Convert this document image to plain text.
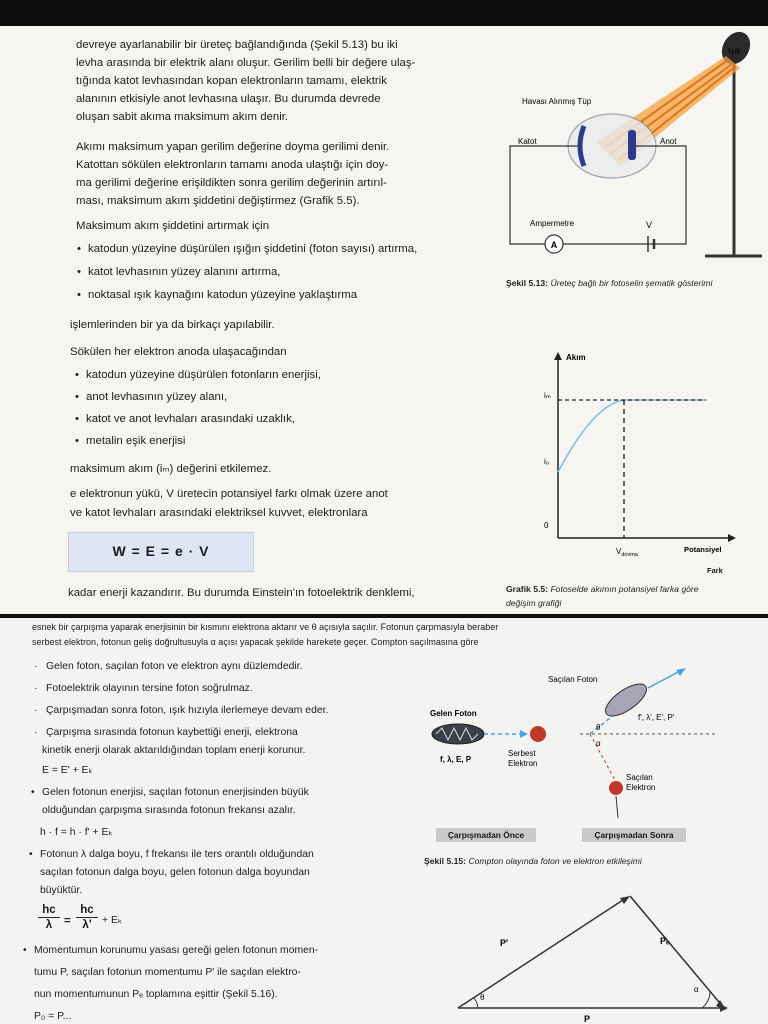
devreye ayarlanabilir bir üreteç bağlandığında (Şekil 5.13) bu iki
levha arasında bir elektrik alanı oluşur. Gerilim belli bir değere ulaş-
tığında katot levhasından kopan elektronların tamamı, elektrik
alanının etkisiyle anot levhasına ulaşır. Bu durumda devrede
oluşan sabit akıma maksimum akım denir.
Akımı maksimum yapan gerilim değerine doyma gerilimi denir.
Katottan sökülen elektronların tamamı anoda ulaştığı için doy-
ma gerilimi değerine erişildikten sonra gerilim değerinin artırıl-
ması, maksimum akım şiddetini değiştirmez (Grafik 5.5).
Maksimum akım şiddetini artırmak için
• katodun yüzeyine düşürülen ışığın şiddetini (foton sayısı) artırma,
• katot levhasının yüzey alanını artırma,
• noktasal ışık kaynağını katodun yüzeyine yaklaştırma
işlemlerinden bir ya da birkaçı yapılabilir.
Sökülen her elektron anoda ulaşacağından
• katodun yüzeyine düşürülen fotonların enerjisi,
• anot levhasının yüzey alanı,
• katot ve anot levhaları arasındaki uzaklık,
• metalin eşik enerjisi
maksimum akım (iₘ) değerini etkilemez.
e elektronun yükü, V üretecin potansiyel farkı olmak üzere anot
ve katot levhaları arasındaki elektriksel kuvvet, elektronlara
W = E = e · V
kadar enerji kazandırır. Bu durumda Einstein'ın fotoelektrik denklemi,
A
Işık
Havası Alınmış Tüp
Katot	Anot
Ampermetre	V
Şekil 5.13: Üreteç bağlı bir fotoselin şematik gösterimi
Akım
iₘ
i₀
0
$V_{doyma}$
Potansiyel
Fark
Grafik 5.5: Fotoselde akımın potansiyel farka göre
değişim grafiği
esnek bir çarpışma yaparak enerjisinin bir kısmını elektrona aktarır ve θ açısıyla saçılır. Fotonun çarpmasıyla beraber
serbest elektron, fotonun geliş doğrultusuyla α açısı yapacak şekilde harekete geçer. Compton saçılmasına göre
· Gelen foton, saçılan foton ve elektron aynı düzlemdedir.
· Fotoelektrik olayının tersine foton soğrulmaz.
· Çarpışmadan sonra foton, ışık hızıyla ilerlemeye devam eder.
· Çarpışma sırasında fotonun kaybettiği enerji, elektrona
kinetik enerji olarak aktarıldığından toplam enerji korunur.
E = E' + Eₖ
• Gelen fotonun enerjisi, saçılan fotonun enerjisinden büyük
olduğundan çarpışma sırasında fotonun frekansı azalır.
h · f = h · f' + Eₖ
• Fotonun λ dalga boyu, f frekansı ile ters orantılı olduğundan
saçılan fotonun dalga boyu, gelen fotonun dalga boyundan
büyüktür.
hc
λ	=
hc
λ'	+ Eₖ
• Momentumun korunumu yasası gereği gelen fotonun momen-
tumu P, saçılan fotonun momentumu P' ile saçılan elektro-
nun momentumunun Pₑ toplamına eşittir (Şekil 5.16).
P₀ = P...
Gelen Foton
f, λ, E, P
Serbest
Elektron
Saçılan Foton
f', λ', E', P'
Saçılan
Elektron
θ
α
Çarpışmadan Önce	Çarpışmadan Sonra
Şekil 5.15: Compton olayında foton ve elektron etkileşimi
P'	Pₑ
P
θ
α
